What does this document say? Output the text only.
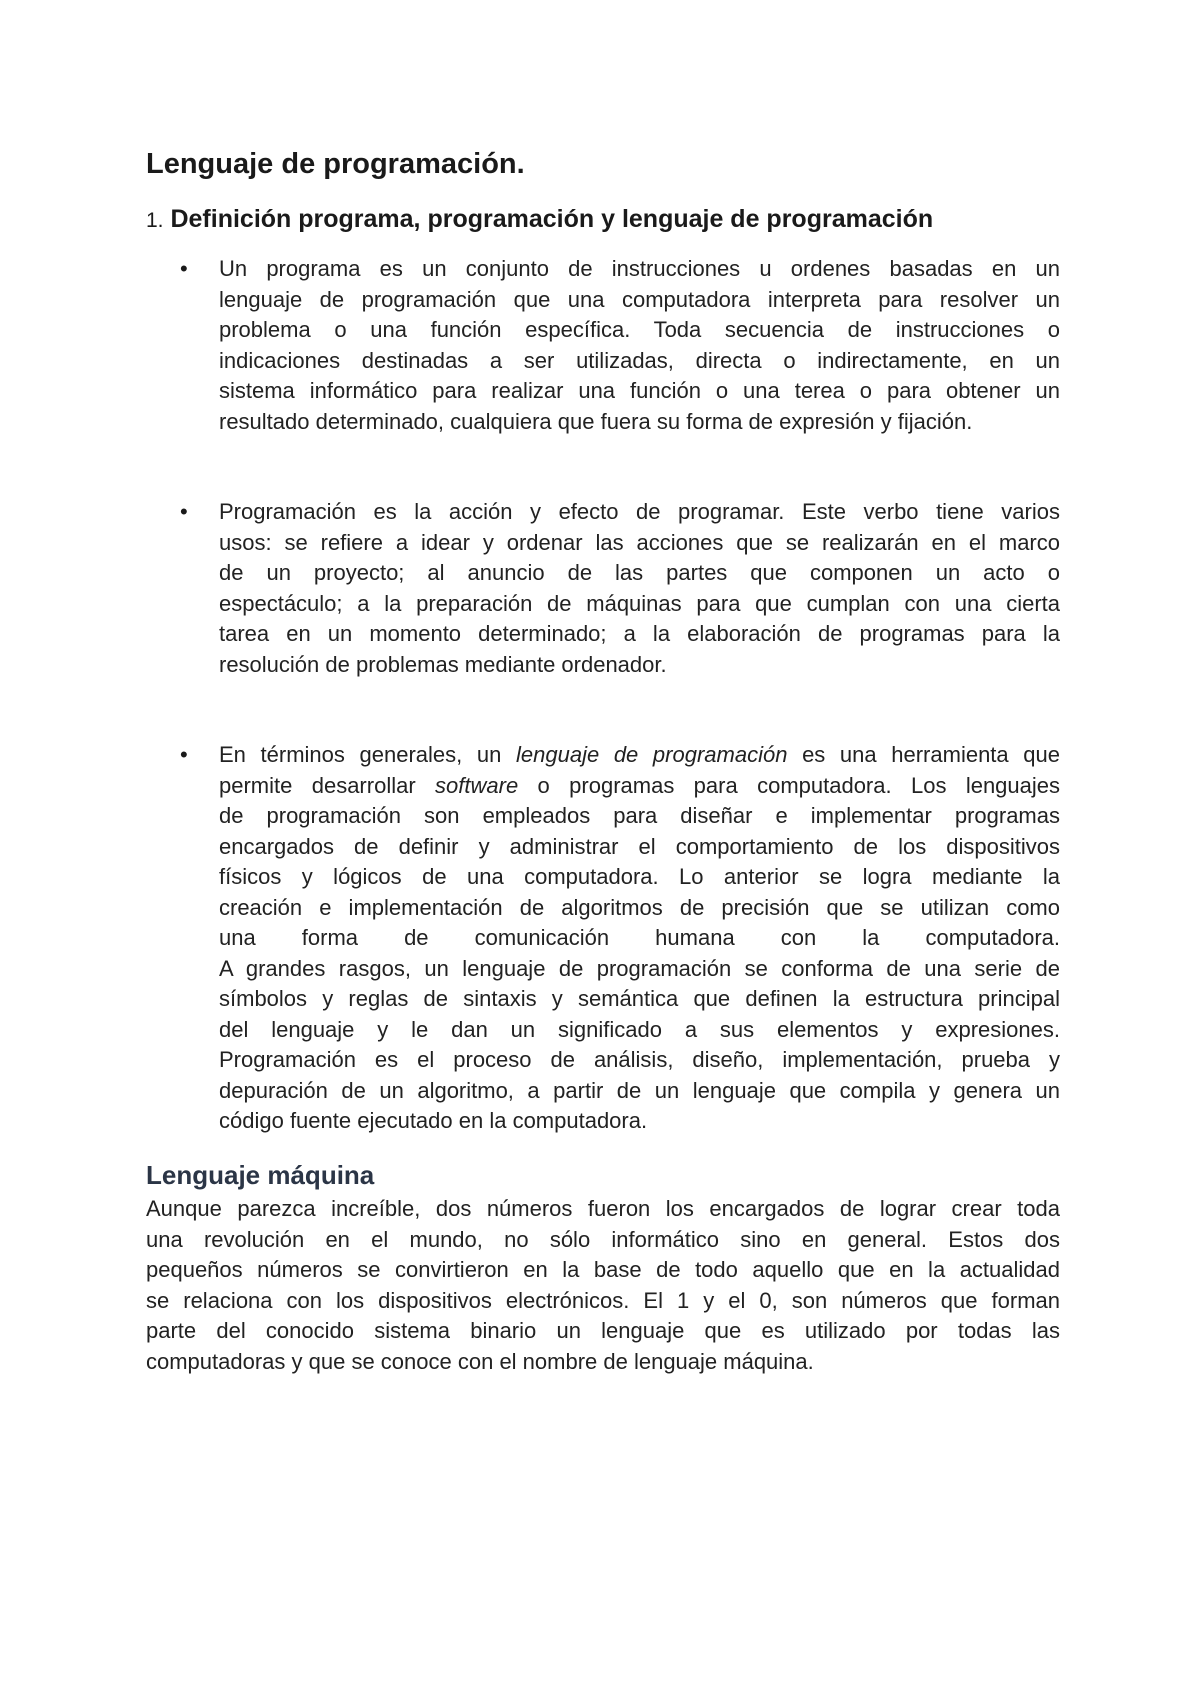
Lenguaje de programación.
1. Definición programa, programación y lenguaje de programación
• Un programa es un conjunto de instrucciones u ordenes basadas en un
lenguaje de programación que una computadora interpreta para resolver un
problema o una función específica. Toda secuencia de instrucciones o
indicaciones destinadas a ser utilizadas, directa o indirectamente, en un
sistema informático para realizar una función o una terea o para obtener un
resultado determinado, cualquiera que fuera su forma de expresión y fijación.

• Programación es la acción y efecto de programar. Este verbo tiene varios
usos: se refiere a idear y ordenar las acciones que se realizarán en el marco
de un proyecto; al anuncio de las partes que componen un acto o
espectáculo; a la preparación de máquinas para que cumplan con una cierta
tarea en un momento determinado; a la elaboración de programas para la
resolución de problemas mediante ordenador.

• En términos generales, un lenguaje de programación es una herramienta que
permite desarrollar software o programas para computadora. Los lenguajes
de programación son empleados para diseñar e implementar programas
encargados de definir y administrar el comportamiento de los dispositivos
físicos y lógicos de una computadora. Lo anterior se logra mediante la
creación e implementación de algoritmos de precisión que se utilizan como
una forma de comunicación humana con la computadora.
A grandes rasgos, un lenguaje de programación se conforma de una serie de
símbolos y reglas de sintaxis y semántica que definen la estructura principal
del lenguaje y le dan un significado a sus elementos y expresiones.
Programación es el proceso de análisis, diseño, implementación, prueba y
depuración de un algoritmo, a partir de un lenguaje que compila y genera un
código fuente ejecutado en la computadora.

Lenguaje máquina

Aunque parezca increíble, dos números fueron los encargados de lograr crear toda
una revolución en el mundo, no sólo informático sino en general. Estos dos
pequeños números se convirtieron en la base de todo aquello que en la actualidad
se relaciona con los dispositivos electrónicos. El 1 y el 0, son números que forman
parte del conocido sistema binario un lenguaje que es utilizado por todas las
computadoras y que se conoce con el nombre de lenguaje máquina.
